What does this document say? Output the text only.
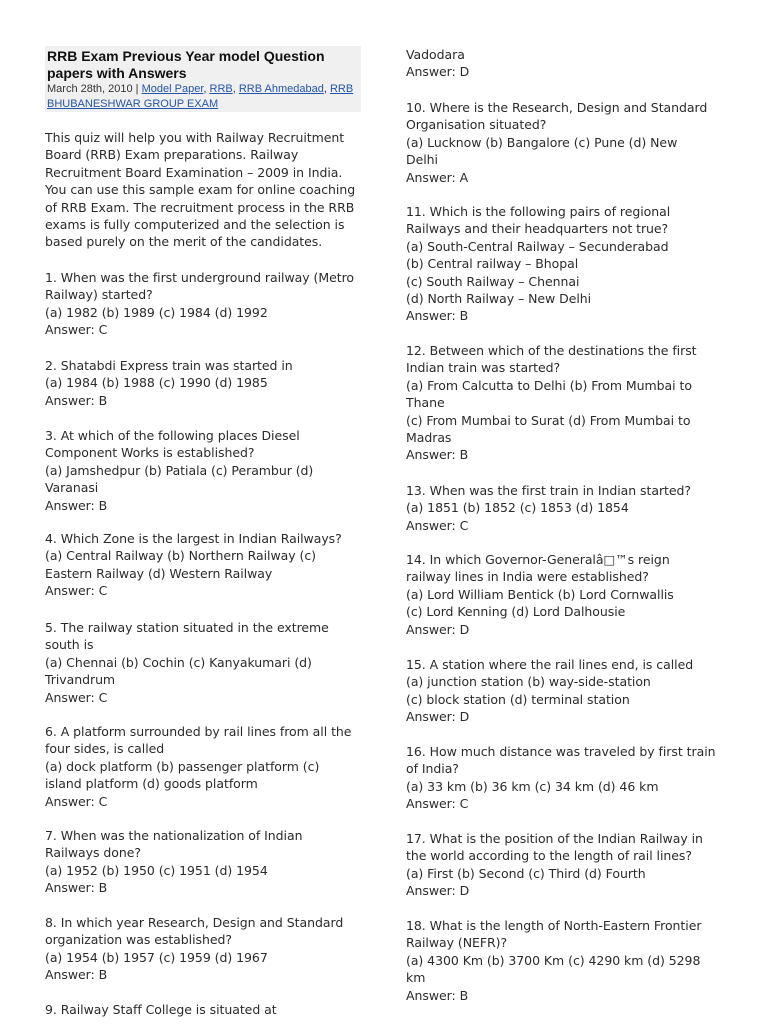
RRB Exam Previous Year model Question papers with Answers
March 28th, 2010 | Model Paper, RRB, RRB Ahmedabad, RRB BHUBANESHWAR GROUP EXAM
This quiz will help you with Railway Recruitment Board (RRB) Exam preparations. Railway Recruitment Board Examination – 2009 in India. You can use this sample exam for online coaching of RRB Exam. The recruitment process in the RRB exams is fully computerized and the selection is based purely on the merit of the candidates.
1. When was the first underground railway (Metro
Railway) started?
(a) 1982 (b) 1989 (c) 1984 (d) 1992
Answer: C
2. Shatabdi Express train was started in
(a) 1984 (b) 1988 (c) 1990 (d) 1985
Answer: B
3. At which of the following places Diesel
Component Works is established?
(a) Jamshedpur (b) Patiala (c) Perambur (d)
Varanasi
Answer: B
4. Which Zone is the largest in Indian Railways?
(a) Central Railway (b) Northern Railway (c)
Eastern Railway (d) Western Railway
Answer: C
5. The railway station situated in the extreme
south is
(a) Chennai (b) Cochin (c) Kanyakumari (d)
Trivandrum
Answer: C
6. A platform surrounded by rail lines from all the
four sides, is called
(a) dock platform (b) passenger platform (c)
island platform (d) goods platform
Answer: C
7. When was the nationalization of Indian
Railways done?
(a) 1952 (b) 1950 (c) 1951 (d) 1954
Answer: B
8. In which year Research, Design and Standard
organization was established?
(a) 1954 (b) 1957 (c) 1959 (d) 1967
Answer: B
9. Railway Staff College is situated at
Vadodara
Answer: D
10. Where is the Research, Design and Standard
Organisation situated?
(a) Lucknow (b) Bangalore (c) Pune (d) New
Delhi
Answer: A
11. Which is the following pairs of regional
Railways and their headquarters not true?
(a) South-Central Railway – Secunderabad
(b) Central railway – Bhopal
(c) South Railway – Chennai
(d) North Railway – New Delhi
Answer: B
12. Between which of the destinations the first
Indian train was started?
(a) From Calcutta to Delhi (b) From Mumbai to
Thane
(c) From Mumbai to Surat (d) From Mumbai to
Madras
Answer: B
13. When was the first train in Indian started?
(a) 1851 (b) 1852 (c) 1853 (d) 1854
Answer: C
14. In which Governor-Generalâ□™s reign
railway lines in India were established?
(a) Lord William Bentick (b) Lord Cornwallis
(c) Lord Kenning (d) Lord Dalhousie
Answer: D
15. A station where the rail lines end, is called
(a) junction station (b) way-side-station
(c) block station (d) terminal station
Answer: D
16. How much distance was traveled by first train
of India?
(a) 33 km (b) 36 km (c) 34 km (d) 46 km
Answer: C
17. What is the position of the Indian Railway in
the world according to the length of rail lines?
(a) First (b) Second (c) Third (d) Fourth
Answer: D
18. What is the length of North-Eastern Frontier
Railway (NEFR)?
(a) 4300 Km (b) 3700 Km (c) 4290 km (d) 5298
km
Answer: B
